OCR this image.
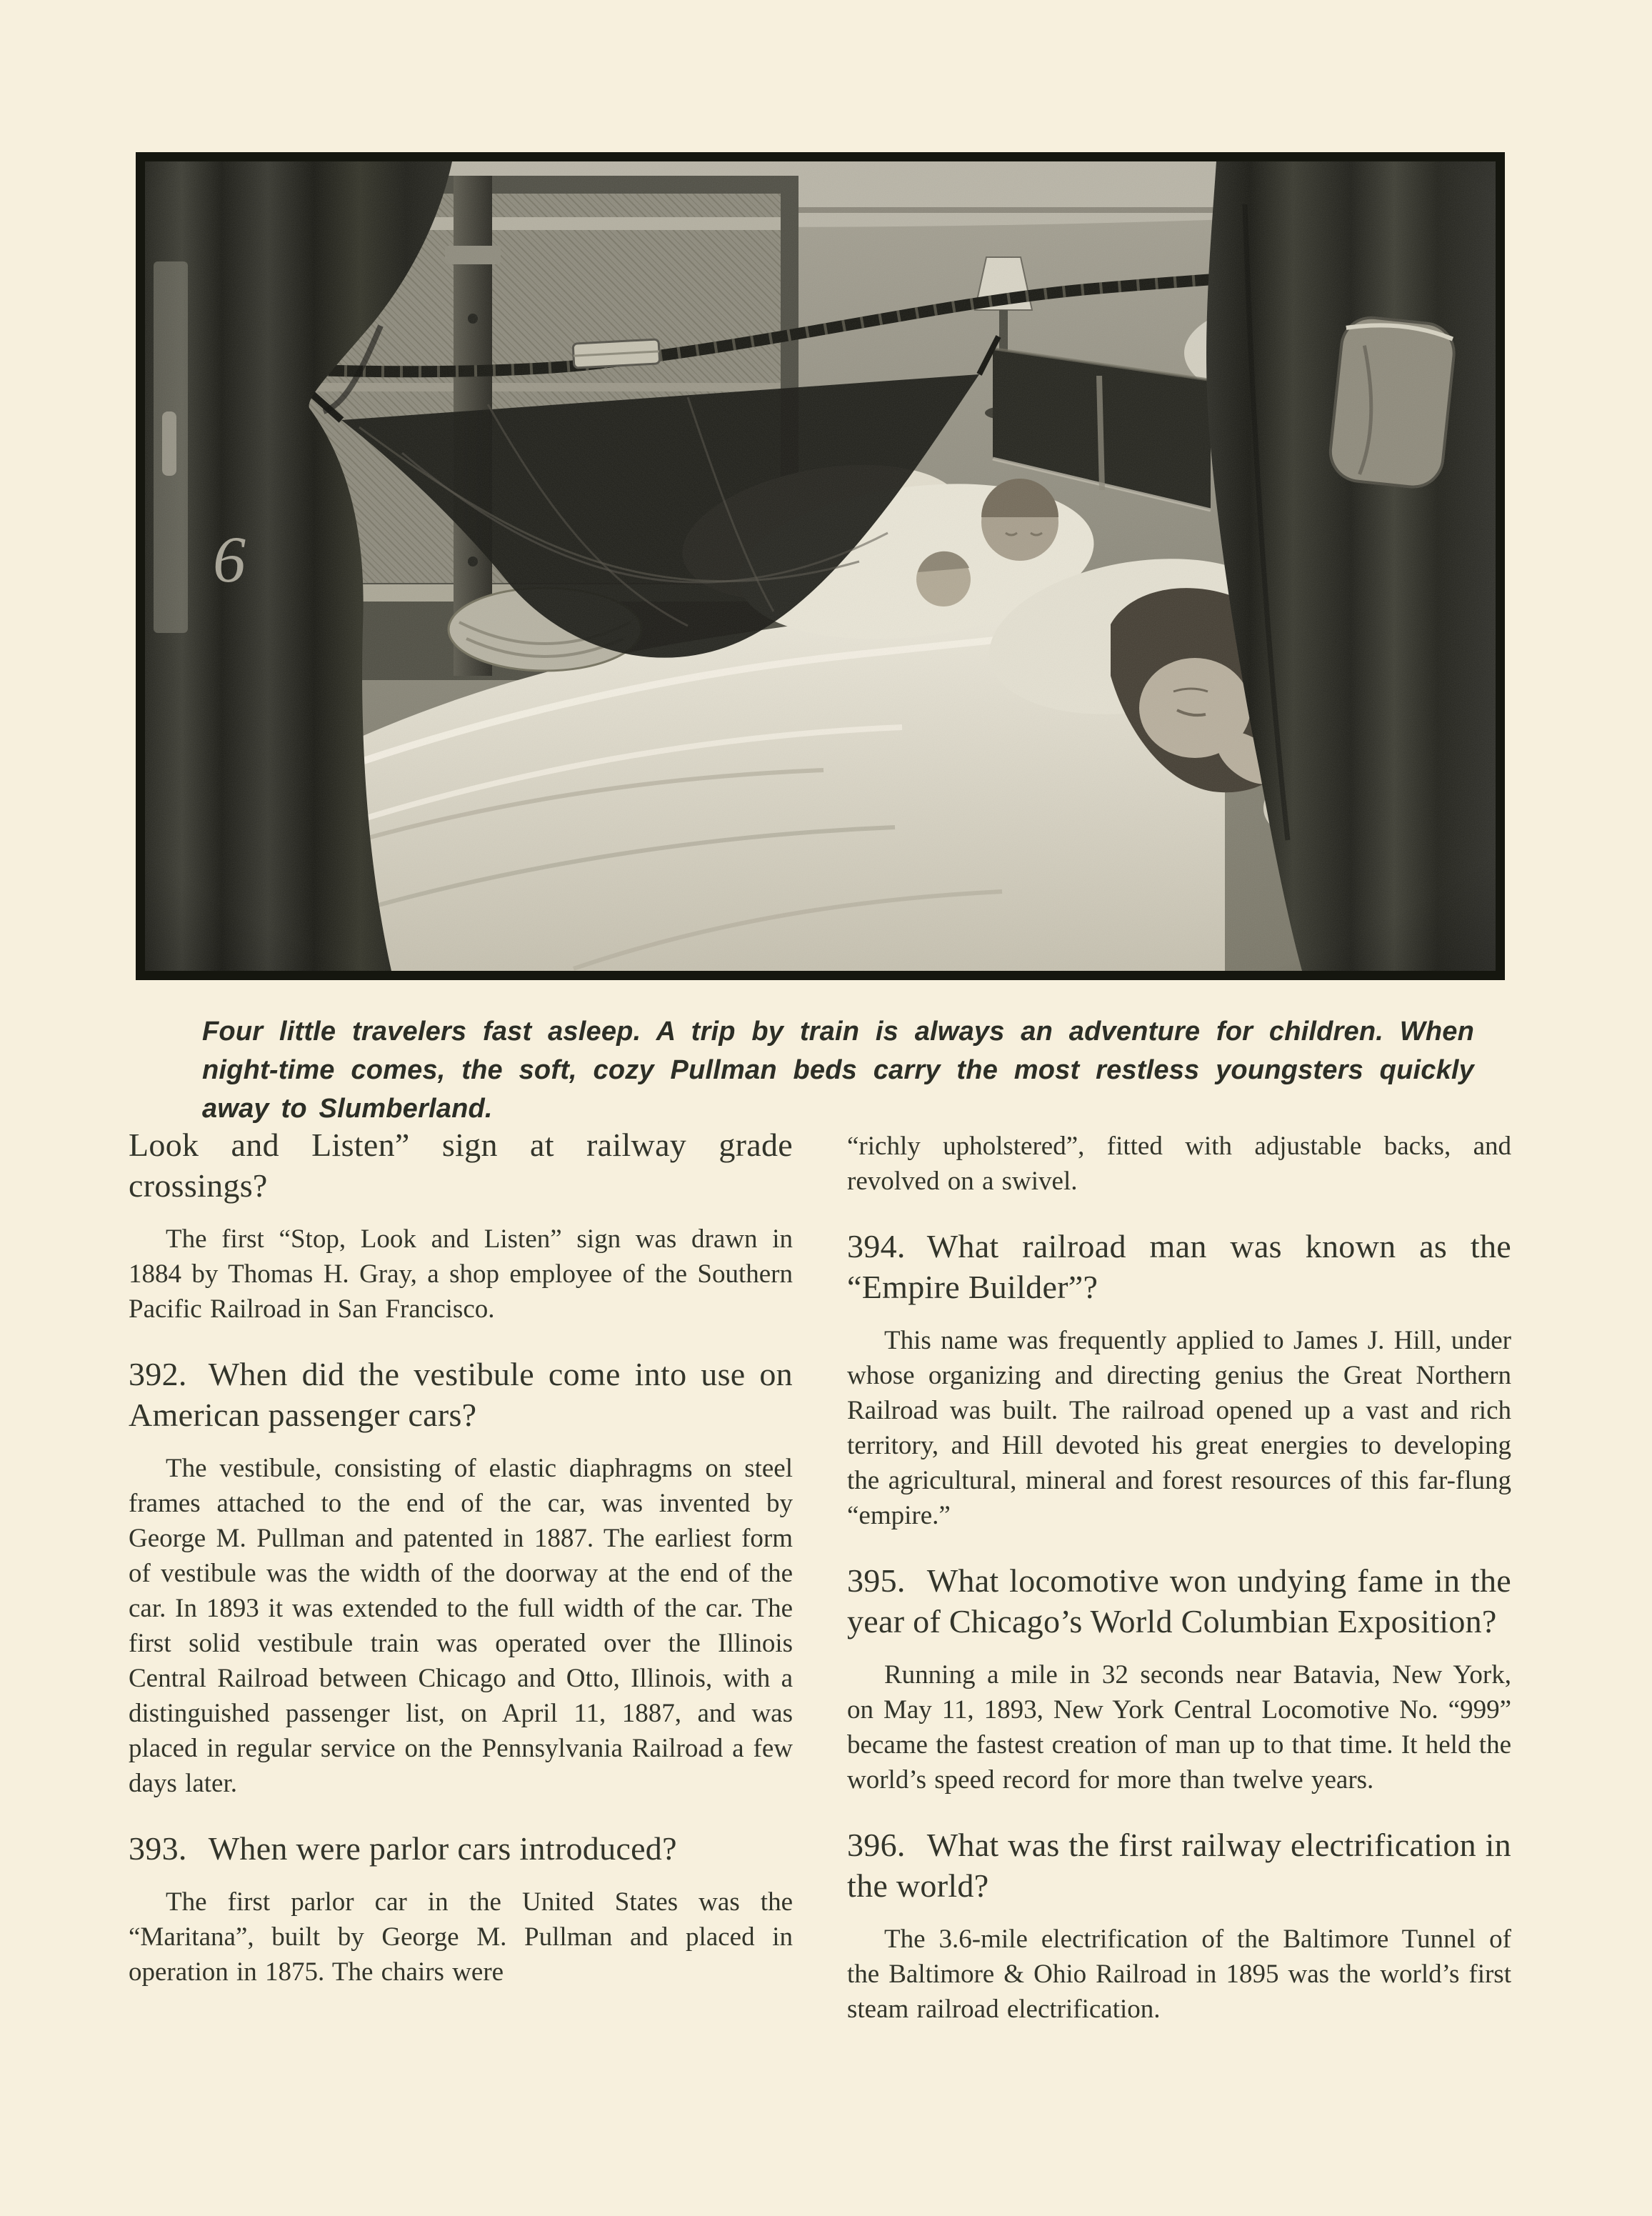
Four little travelers fast asleep. A trip by train is always an adventure for children. When night-time comes, the soft, cozy Pullman beds carry the most restless youngsters quickly away to Slumberland.
Look and Listen” sign at railway grade crossings?

The first “Stop, Look and Listen” sign was drawn in 1884 by Thomas H. Gray, a shop employee of the Southern Pacific Railroad in San Francisco.

392. When did the vestibule come into use on American passenger cars?

The vestibule, consisting of elastic diaphragms on steel frames attached to the end of the car, was invented by George M. Pullman and patented in 1887. The earliest form of vestibule was the width of the doorway at the end of the car. In 1893 it was extended to the full width of the car. The first solid vestibule train was operated over the Illinois Central Railroad between Chicago and Otto, Illinois, with a distinguished passenger list, on April 11, 1887, and was placed in regular service on the Pennsylvania Railroad a few days later.

393. When were parlor cars introduced?

The first parlor car in the United States was the “Maritana”, built by George M. Pullman and placed in operation in 1875. The chairs were

“richly upholstered”, fitted with adjustable backs, and revolved on a swivel.

394. What railroad man was known as the “Empire Builder”?

This name was frequently applied to James J. Hill, under whose organizing and directing genius the Great Northern Railroad was built. The railroad opened up a vast and rich territory, and Hill devoted his great energies to developing the agricultural, mineral and forest resources of this far-flung “empire.”

395. What locomotive won undying fame in the year of Chicago’s World Columbian Exposition?

Running a mile in 32 seconds near Batavia, New York, on May 11, 1893, New York Central Locomotive No. “999” became the fastest creation of man up to that time. It held the world’s speed record for more than twelve years.

396. What was the first railway electrification in the world?

The 3.6-mile electrification of the Baltimore Tunnel of the Baltimore & Ohio Railroad in 1895 was the world’s first steam railroad electrification.
